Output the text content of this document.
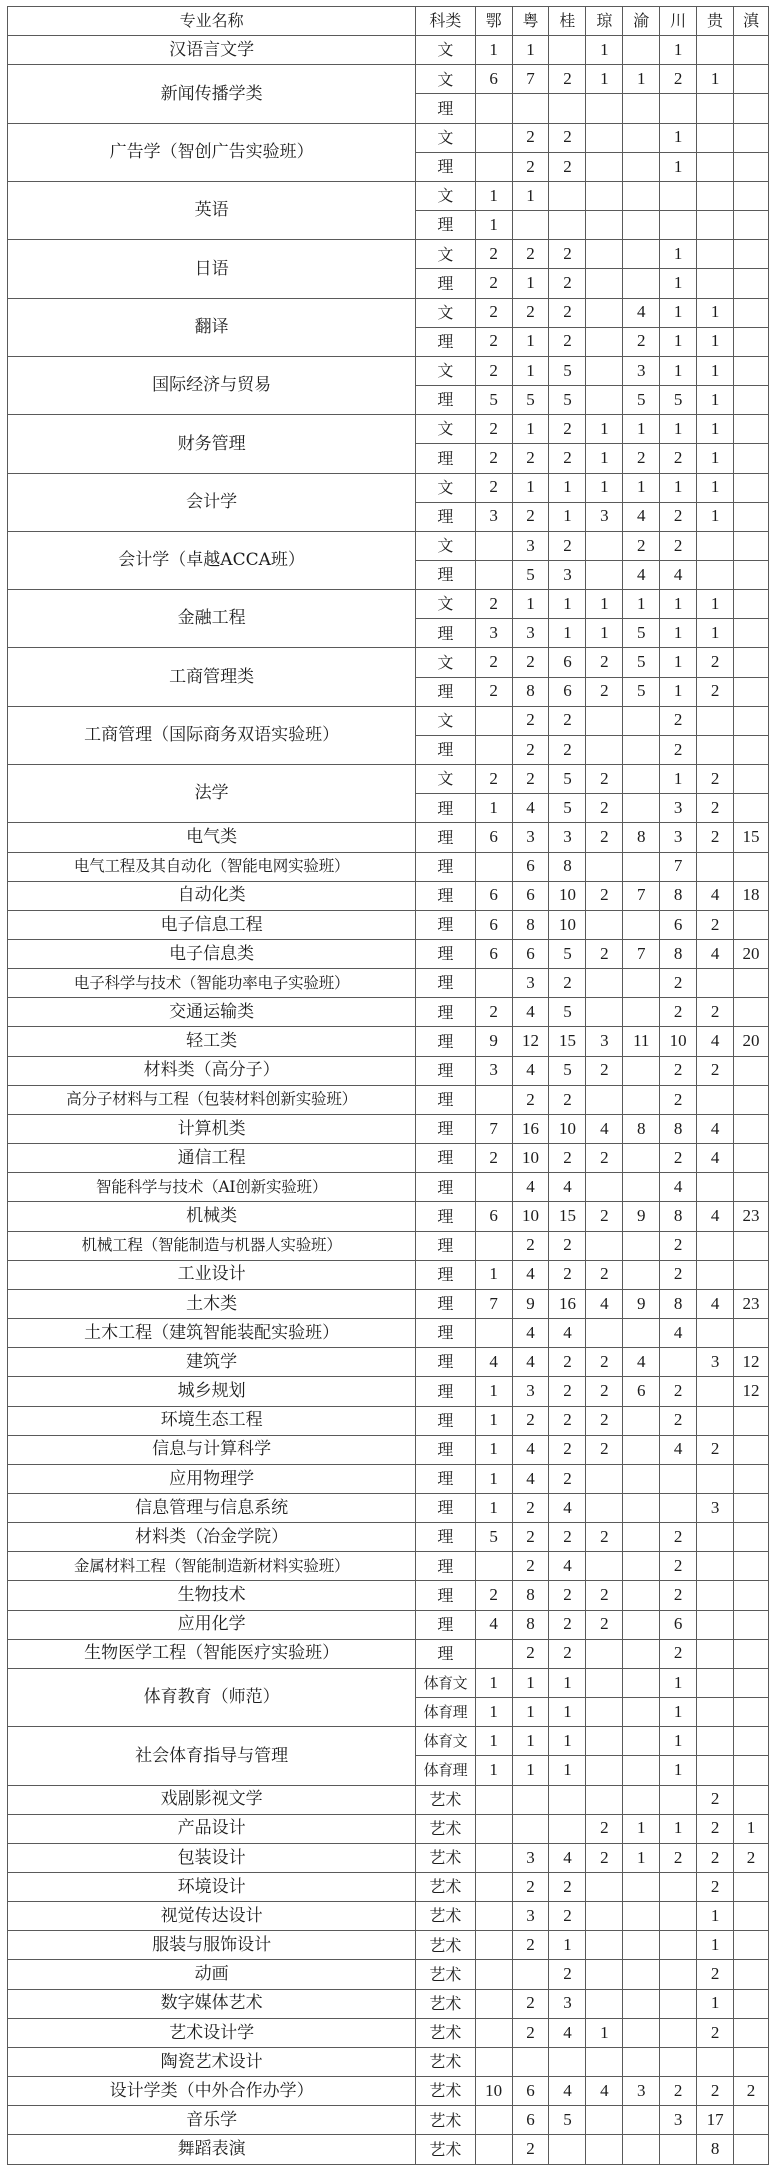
专业名称	科类	鄂	粤	桂	琼	渝	川	贵	滇
汉语言文学	文	1	1		1		1		
新闻传播学类	文	6	7	2	1	1	2	1	
	理								
广告学（智创广告实验班）	文		2	2			1		
	理		2	2			1		
英语	文	1	1						
	理	1							
日语	文	2	2	2			1		
	理	2	1	2			1		
翻译	文	2	2	2		4	1	1	
	理	2	1	2		2	1	1	
国际经济与贸易	文	2	1	5		3	1	1	
	理	5	5	5		5	5	1	
财务管理	文	2	1	2	1	1	1	1	
	理	2	2	2	1	2	2	1	
会计学	文	2	1	1	1	1	1	1	
	理	3	2	1	3	4	2	1	
会计学（卓越ACCA班）	文		3	2		2	2		
	理		5	3		4	4		
金融工程	文	2	1	1	1	1	1	1	
	理	3	3	1	1	5	1	1	
工商管理类	文	2	2	6	2	5	1	2	
	理	2	8	6	2	5	1	2	
工商管理（国际商务双语实验班）	文		2	2			2		
	理		2	2			2		
法学	文	2	2	5	2		1	2	
	理	1	4	5	2		3	2	
电气类	理	6	3	3	2	8	3	2	15
电气工程及其自动化（智能电网实验班）	理		6	8			7		
自动化类	理	6	6	10	2	7	8	4	18
电子信息工程	理	6	8	10			6	2	
电子信息类	理	6	6	5	2	7	8	4	20
电子科学与技术（智能功率电子实验班）	理		3	2			2		
交通运输类	理	2	4	5			2	2	
轻工类	理	9	12	15	3	11	10	4	20
材料类（高分子）	理	3	4	5	2		2	2	
高分子材料与工程（包装材料创新实验班）	理		2	2			2		
计算机类	理	7	16	10	4	8	8	4	
通信工程	理	2	10	2	2		2	4	
智能科学与技术（AI创新实验班）	理		4	4			4		
机械类	理	6	10	15	2	9	8	4	23
机械工程（智能制造与机器人实验班）	理		2	2			2		
工业设计	理	1	4	2	2		2		
土木类	理	7	9	16	4	9	8	4	23
土木工程（建筑智能装配实验班）	理		4	4			4		
建筑学	理	4	4	2	2	4		3	12
城乡规划	理	1	3	2	2	6	2		12
环境生态工程	理	1	2	2	2		2		
信息与计算科学	理	1	4	2	2		4	2	
应用物理学	理	1	4	2					
信息管理与信息系统	理	1	2	4				3	
材料类（冶金学院）	理	5	2	2	2		2		
金属材料工程（智能制造新材料实验班）	理		2	4			2		
生物技术	理	2	8	2	2		2		
应用化学	理	4	8	2	2		6		
生物医学工程（智能医疗实验班）	理		2	2			2		
体育教育（师范）	体育文	1	1	1			1		
	体育理	1	1	1			1		
社会体育指导与管理	体育文	1	1	1			1		
	体育理	1	1	1			1		
戏剧影视文学	艺术							2	
产品设计	艺术				2	1	1	2	1
包装设计	艺术		3	4	2	1	2	2	2
环境设计	艺术		2	2				2	
视觉传达设计	艺术		3	2				1	
服装与服饰设计	艺术		2	1				1	
动画	艺术			2				2	
数字媒体艺术	艺术		2	3				1	
艺术设计学	艺术		2	4	1			2	
陶瓷艺术设计	艺术								
设计学类（中外合作办学）	艺术	10	6	4	4	3	2	2	2
音乐学	艺术		6	5			3	17	
舞蹈表演	艺术		2					8	
